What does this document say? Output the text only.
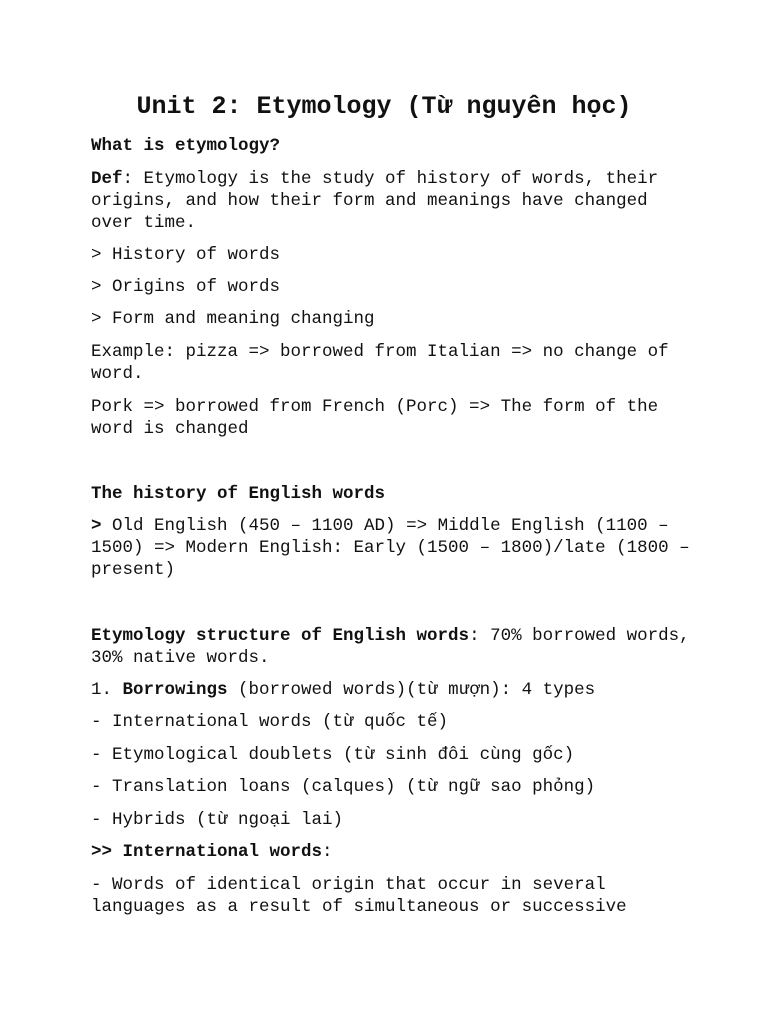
Unit 2: Etymology (Từ nguyên học)

What is etymology?

Def: Etymology is the study of history of words, their origins, and how their form and meanings have changed over time.

> History of words

> Origins of words

> Form and meaning changing

Example: pizza => borrowed from Italian => no change of word.

Pork => borrowed from French (Porc) => The form of the word is changed

The history of English words

> Old English (450 – 1100 AD) => Middle English (1100 – 1500) => Modern English: Early (1500 – 1800)/late (1800 – present)

Etymology structure of English words: 70% borrowed words, 30% native words.

1. Borrowings (borrowed words)(từ mượn): 4 types

- International words (từ quốc tế)

- Etymological doublets (từ sinh đôi cùng gốc)

- Translation loans (calques) (từ ngữ sao phỏng)

- Hybrids (từ ngoại lai)

>> International words:

- Words of identical origin that occur in several languages as a result of simultaneous or successive
